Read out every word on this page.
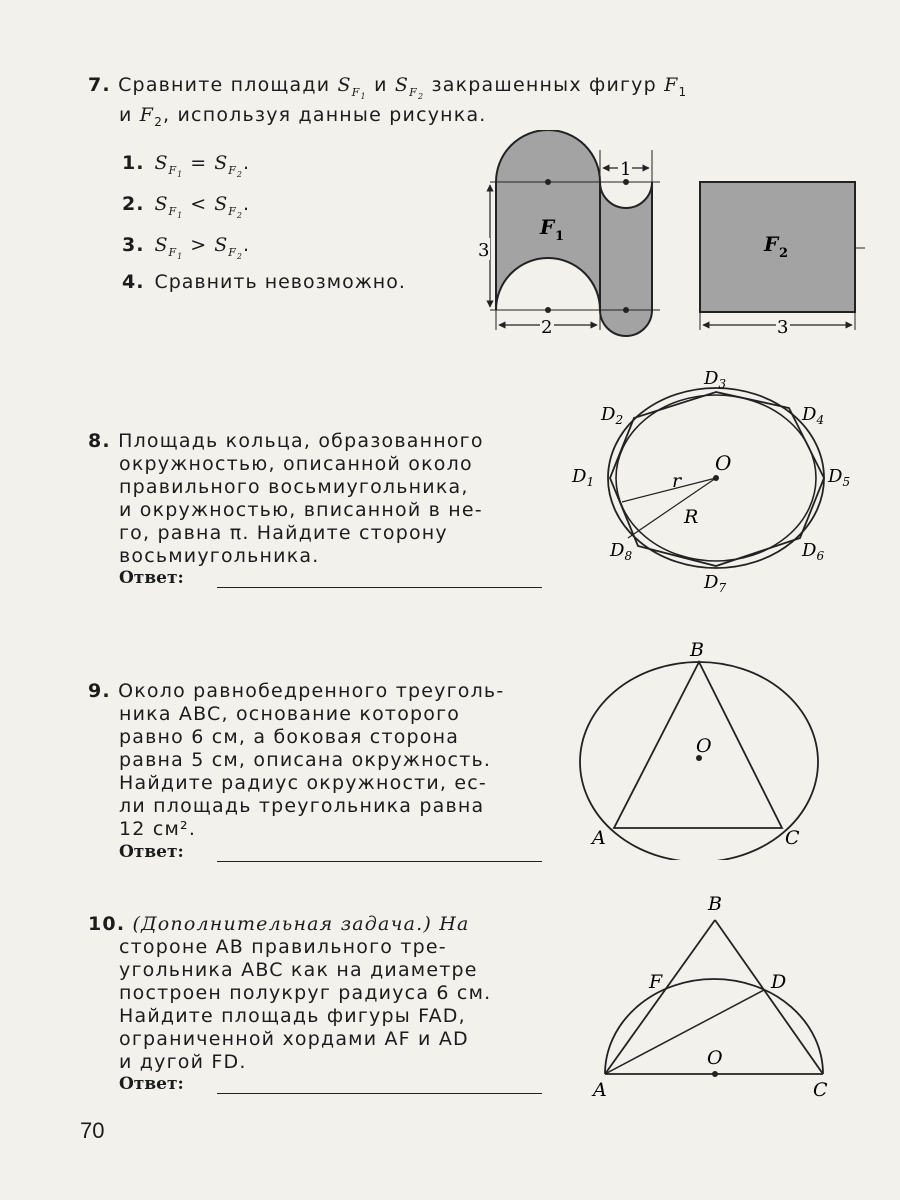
7. Сравните площади $S_{F_1}$ и $S_{F_2}$ закрашенных фигур $F_1$
и $F_2$, используя данные рисунка.
1. $S_{F_1} = S_{F_2}$.
2. $S_{F_1} < S_{F_2}$.
3. $S_{F_1} > S_{F_2}$.
4. Сравнить невозможно.
3
2
1
F 1	F 2
3
8. Площадь кольца, образованного
окружностью, описанной около
правильного восьмиугольника,
и окружностью, вписанной в не-
го, равна π. Найдите сторону
восьмиугольника.
Ответ:
O
r
R
$D_3$
$D_2$	$D_4$
$D_1$	$D_5$
$D_8$	$D_6$
$D_7$
9. Около равнобедренного треуголь-
ника ABC, основание которого
равно 6 см, а боковая сторона
равна 5 см, описана окружность.
Найдите радиус окружности, ес-
ли площадь треугольника равна
12 см².
Ответ:
B
A	C
O
10. (Дополнительная задача.) На
стороне AB правильного тре-
угольника ABC как на диаметре
построен полукруг радиуса 6 см.
Найдите площадь фигуры FAD,
ограниченной хордами AF и AD
и дугой FD.
Ответ:
B
F	D
O
A	C
70
